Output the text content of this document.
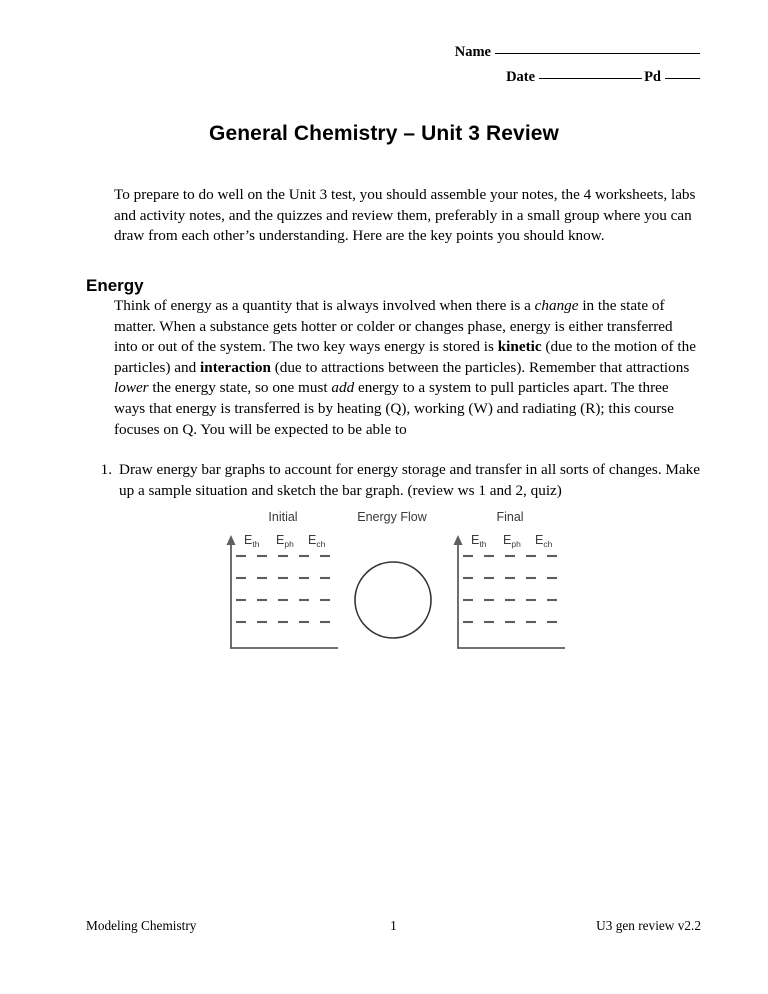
Name
Date	Pd
General Chemistry – Unit 3 Review
To prepare to do well on the Unit 3 test, you should assemble your notes, the 4 worksheets, labs and activity notes, and the quizzes and review them, preferably in a small group where you can draw from each other’s understanding. Here are the key points you should know.
Energy
Think of energy as a quantity that is always involved when there is a change in the state of matter. When a substance gets hotter or colder or changes phase, energy is either transferred into or out of the system. The two key ways energy is stored is kinetic (due to the motion of the particles) and interaction (due to attractions between the particles). Remember that attractions lower the energy state, so one must add energy to a system to pull particles apart. The three ways that energy is transferred is by heating (Q), working (W) and radiating (R); this course focuses on Q. You will be expected to be able to
1. Draw energy bar graphs to account for energy storage and transfer in all sorts of changes. Make up a sample situation and sketch the bar graph. (review ws 1 and 2, quiz)
Initial
$E_{th}$ $E_{ph}$ $E_{ch}$
Energy Flow	Final
$E_{th}$ $E_{ph}$ $E_{ch}$
Modeling Chemistry	1	U3 gen review v2.2
